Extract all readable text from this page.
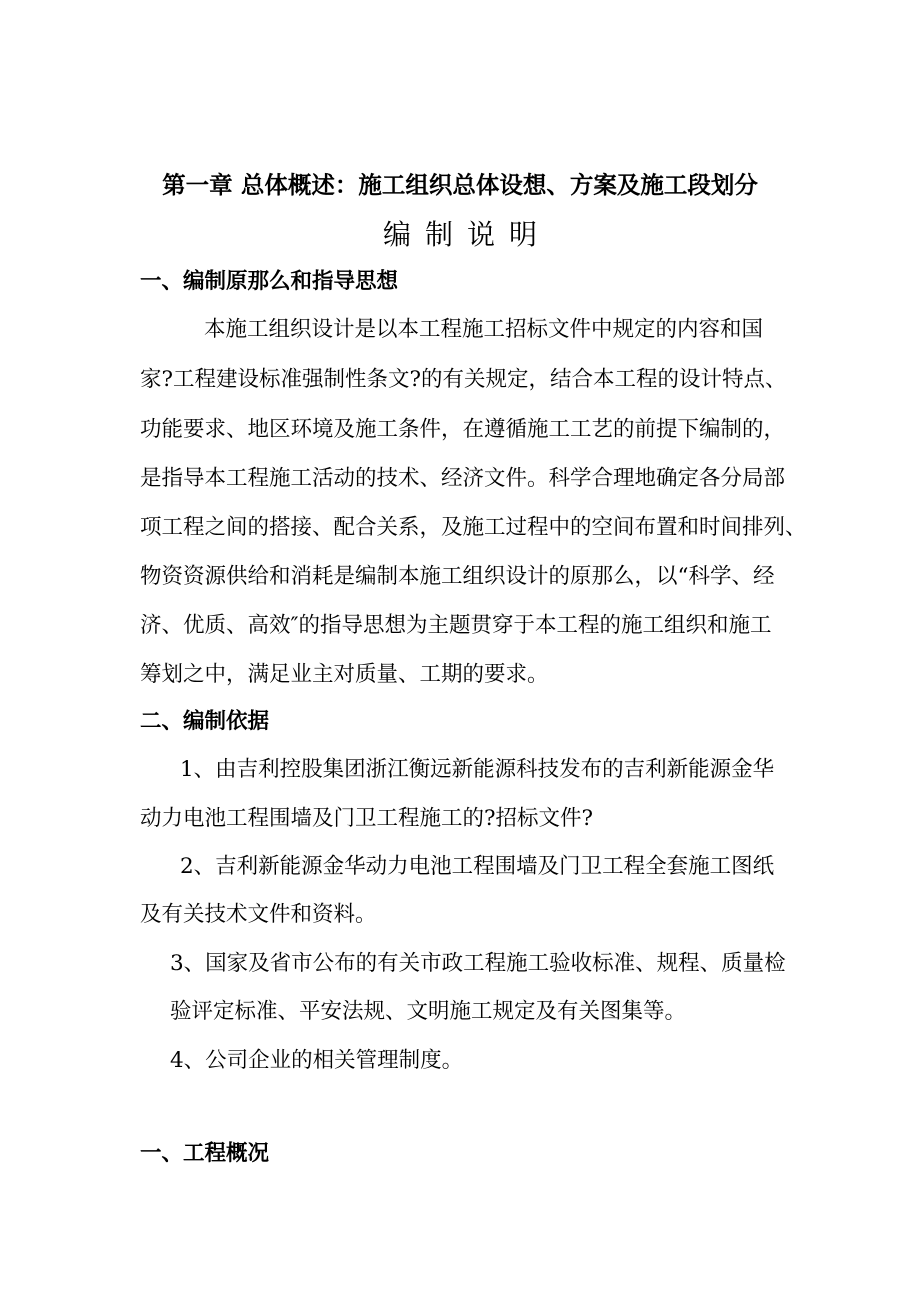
第一章 总体概述：施工组织总体设想、方案及施工段划分
编制说明
一、编制原那么和指导思想
本施工组织设计是以本工程施工招标文件中规定的内容和国
家?工程建设标准强制性条文?的有关规定，结合本工程的设计特点、
功能要求、地区环境及施工条件，在遵循施工工艺的前提下编制的，
是指导本工程施工活动的技术、经济文件。科学合理地确定各分局部
项工程之间的搭接、配合关系，及施工过程中的空间布置和时间排列、
物资资源供给和消耗是编制本施工组织设计的原那么，以“科学、经
济、优质、高效″的指导思想为主题贯穿于本工程的施工组织和施工
筹划之中，满足业主对质量、工期的要求。
二、编制依据
1、由吉利控股集团浙江衡远新能源科技发布的吉利新能源金华
动力电池工程围墙及门卫工程施工的?招标文件?
2、吉利新能源金华动力电池工程围墙及门卫工程全套施工图纸
及有关技术文件和资料。
3、国家及省市公布的有关市政工程施工验收标准、规程、质量检
验评定标准、平安法规、文明施工规定及有关图集等。
4、公司企业的相关管理制度。
一、工程概况
